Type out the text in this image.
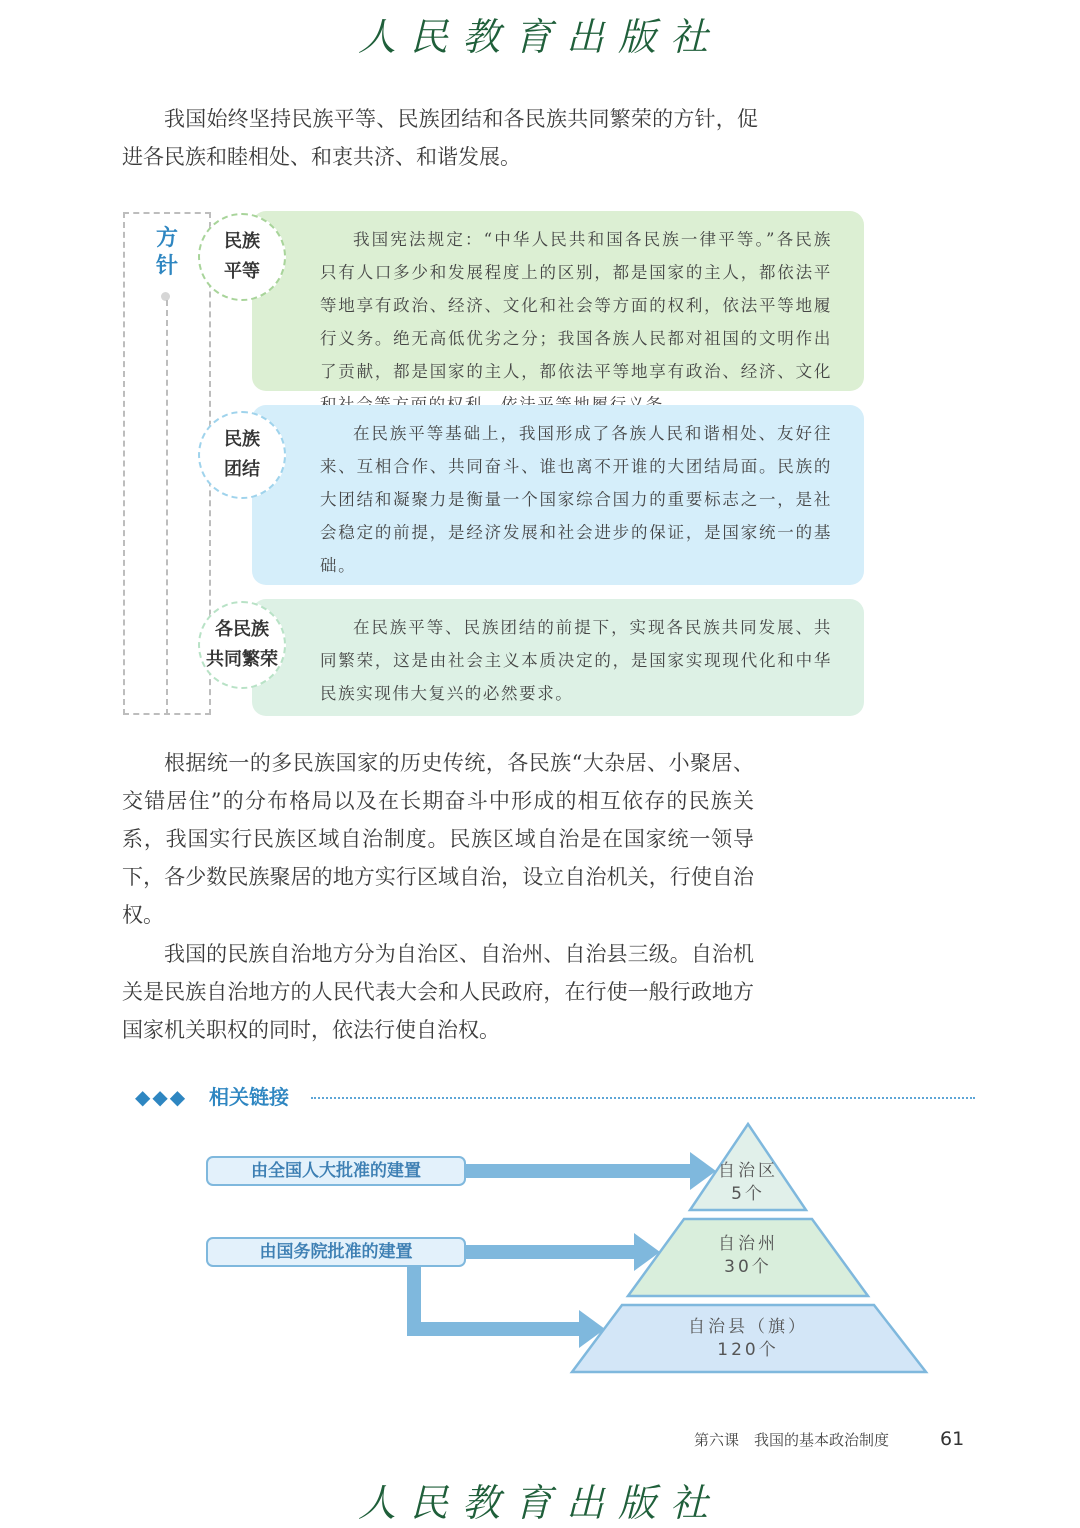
人民教育出版社

我国始终坚持民族平等、民族团结和各民族共同繁荣的方针，促进各民族和睦相处、和衷共济、和谐发展。

方针

我国宪法规定：“中华人民共和国各民族一律平等。”各民族只有人口多少和发展程度上的区别，都是国家的主人，都依法平等地享有政治、经济、文化和社会等方面的权利，依法平等地履行义务。绝无高低优劣之分；我国各族人民都对祖国的文明作出了贡献，都是国家的主人，都依法平等地享有政治、经济、文化

在民族平等基础上，我国形成了各族人民和谐相处、友好往来、互相合作、共同奋斗、谁也离不开谁的大团结局面。民族的大团结和凝聚力是衡量一个国家综合国力的重要标志之一，是社会稳定的前提，是经济发展和社会进步的保证，是国家统一的基础。

在民族平等、民族团结的前提下，实现各民族共同发展、共同繁荣，这是由社会主义本质决定的，是国家实现现代化和中华民族实现伟大复兴的必然要求。

民族
平等
民族
团结
各民族
共同繁荣

根据统一的多民族国家的历史传统，各民族“大杂居、小聚居、交错居住”的分布格局以及在长期奋斗中形成的相互依存的民族关系，我国实行民族区域自治制度。民族区域自治是在国家统一领导下，各少数民族聚居的地方实行区域自治，设立自治机关，行使自治权。

我国的民族自治地方分为自治区、自治州、自治县三级。自治机关是民族自治地方的人民代表大会和人民政府，在行使一般行政地方国家机关职权的同时，依法行使自治权。

◆◆◆ 相关链接
由全国人大批准的建置
由国务院批准的建置
自治区
5个
自治州
30个
自治县（旗）
120个
第六课　我国的基本政治制度	61
人民教育出版社
